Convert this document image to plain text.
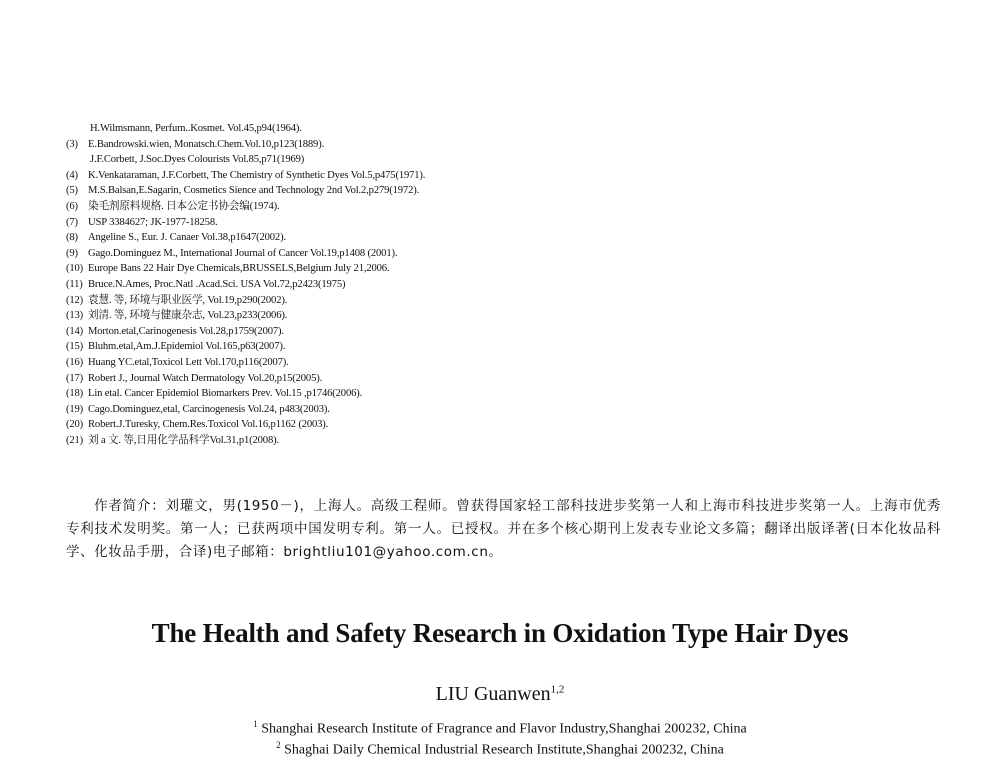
H.Wilmsmann, Perfum..Kosmet. Vol.45,p94(1964).
(3) E.Bandrowski.wien, Monatsch.Chem.Vol.10,p123(1889).
J.F.Corbett, J.Soc.Dyes Colourists Vol.85,p71(1969)
(4) K.Venkataraman, J.F.Corbett, The Chemistry of Synthetic Dyes Vol.5,p475(1971).
(5) M.S.Balsan,E.Sagarin, Cosmetics Sience and Technology 2nd Vol.2,p279(1972).
(6) 染毛剂原料规格. 日本公定书协会编(1974).
(7) USP 3384627; JK-1977-18258.
(8) Angeline S., Eur. J. Canaer Vol.38,p1647(2002).
(9) Gago.Dominguez M., International Journal of Cancer Vol.19,p1408 (2001).
(10) Europe Bans 22 Hair Dye Chemicals,BRUSSELS,Belgium July 21,2006.
(11) Bruce.N.Ames, Proc.Natl .Acad.Sci. USA Vol.72,p2423(1975)
(12) 袁慧. 等, 环境与职业医学, Vol.19,p290(2002).
(13) 刘清. 等, 环境与健康杂志, Vol.23,p233(2006).
(14) Morton.etal,Carinogenesis Vol.28,p1759(2007).
(15) Bluhm.etal,Am.J.Epidemiol Vol.165,p63(2007).
(16) Huang YC.etal,Toxicol Lett Vol.170,p116(2007).
(17) Robert J., Journal Watch Dermatology Vol.20,p15(2005).
(18) Lin etal. Cancer Epidemiol Biomarkers Prev. Vol.15 ,p1746(2006).
(19) Cago.Dominguez,etal, Carcinogenesis Vol.24, p483(2003).
(20) Robert.J.Turesky, Chem.Res.Toxicol Vol.16,p1162 (2003).
(21) 刘 a 文. 等,日用化学品科学Vol.31,p1(2008).
作者简介：刘瓘文，男(1950－)，上海人。高级工程师。曾获得国家轻工部科技进步奖第一人和上海市科技进步奖第一人。上海市优秀专利技术发明奖。第一人；已获两项中国发明专利。第一人。已授权。并在多个核心期刊上发表专业论文多篇；翻译出版译著(日本化妆品科学、化妆品手册，合译)电子邮箱：brightliu101@yahoo.com.cn。
The Health and Safety Research in Oxidation Type Hair Dyes
LIU Guanwen$^{1,2}$
$^1$ Shanghai Research Institute of Fragrance and Flavor Industry,Shanghai 200232, China
$^2$ Shaghai Daily Chemical Industrial Research Institute,Shanghai 200232, China
